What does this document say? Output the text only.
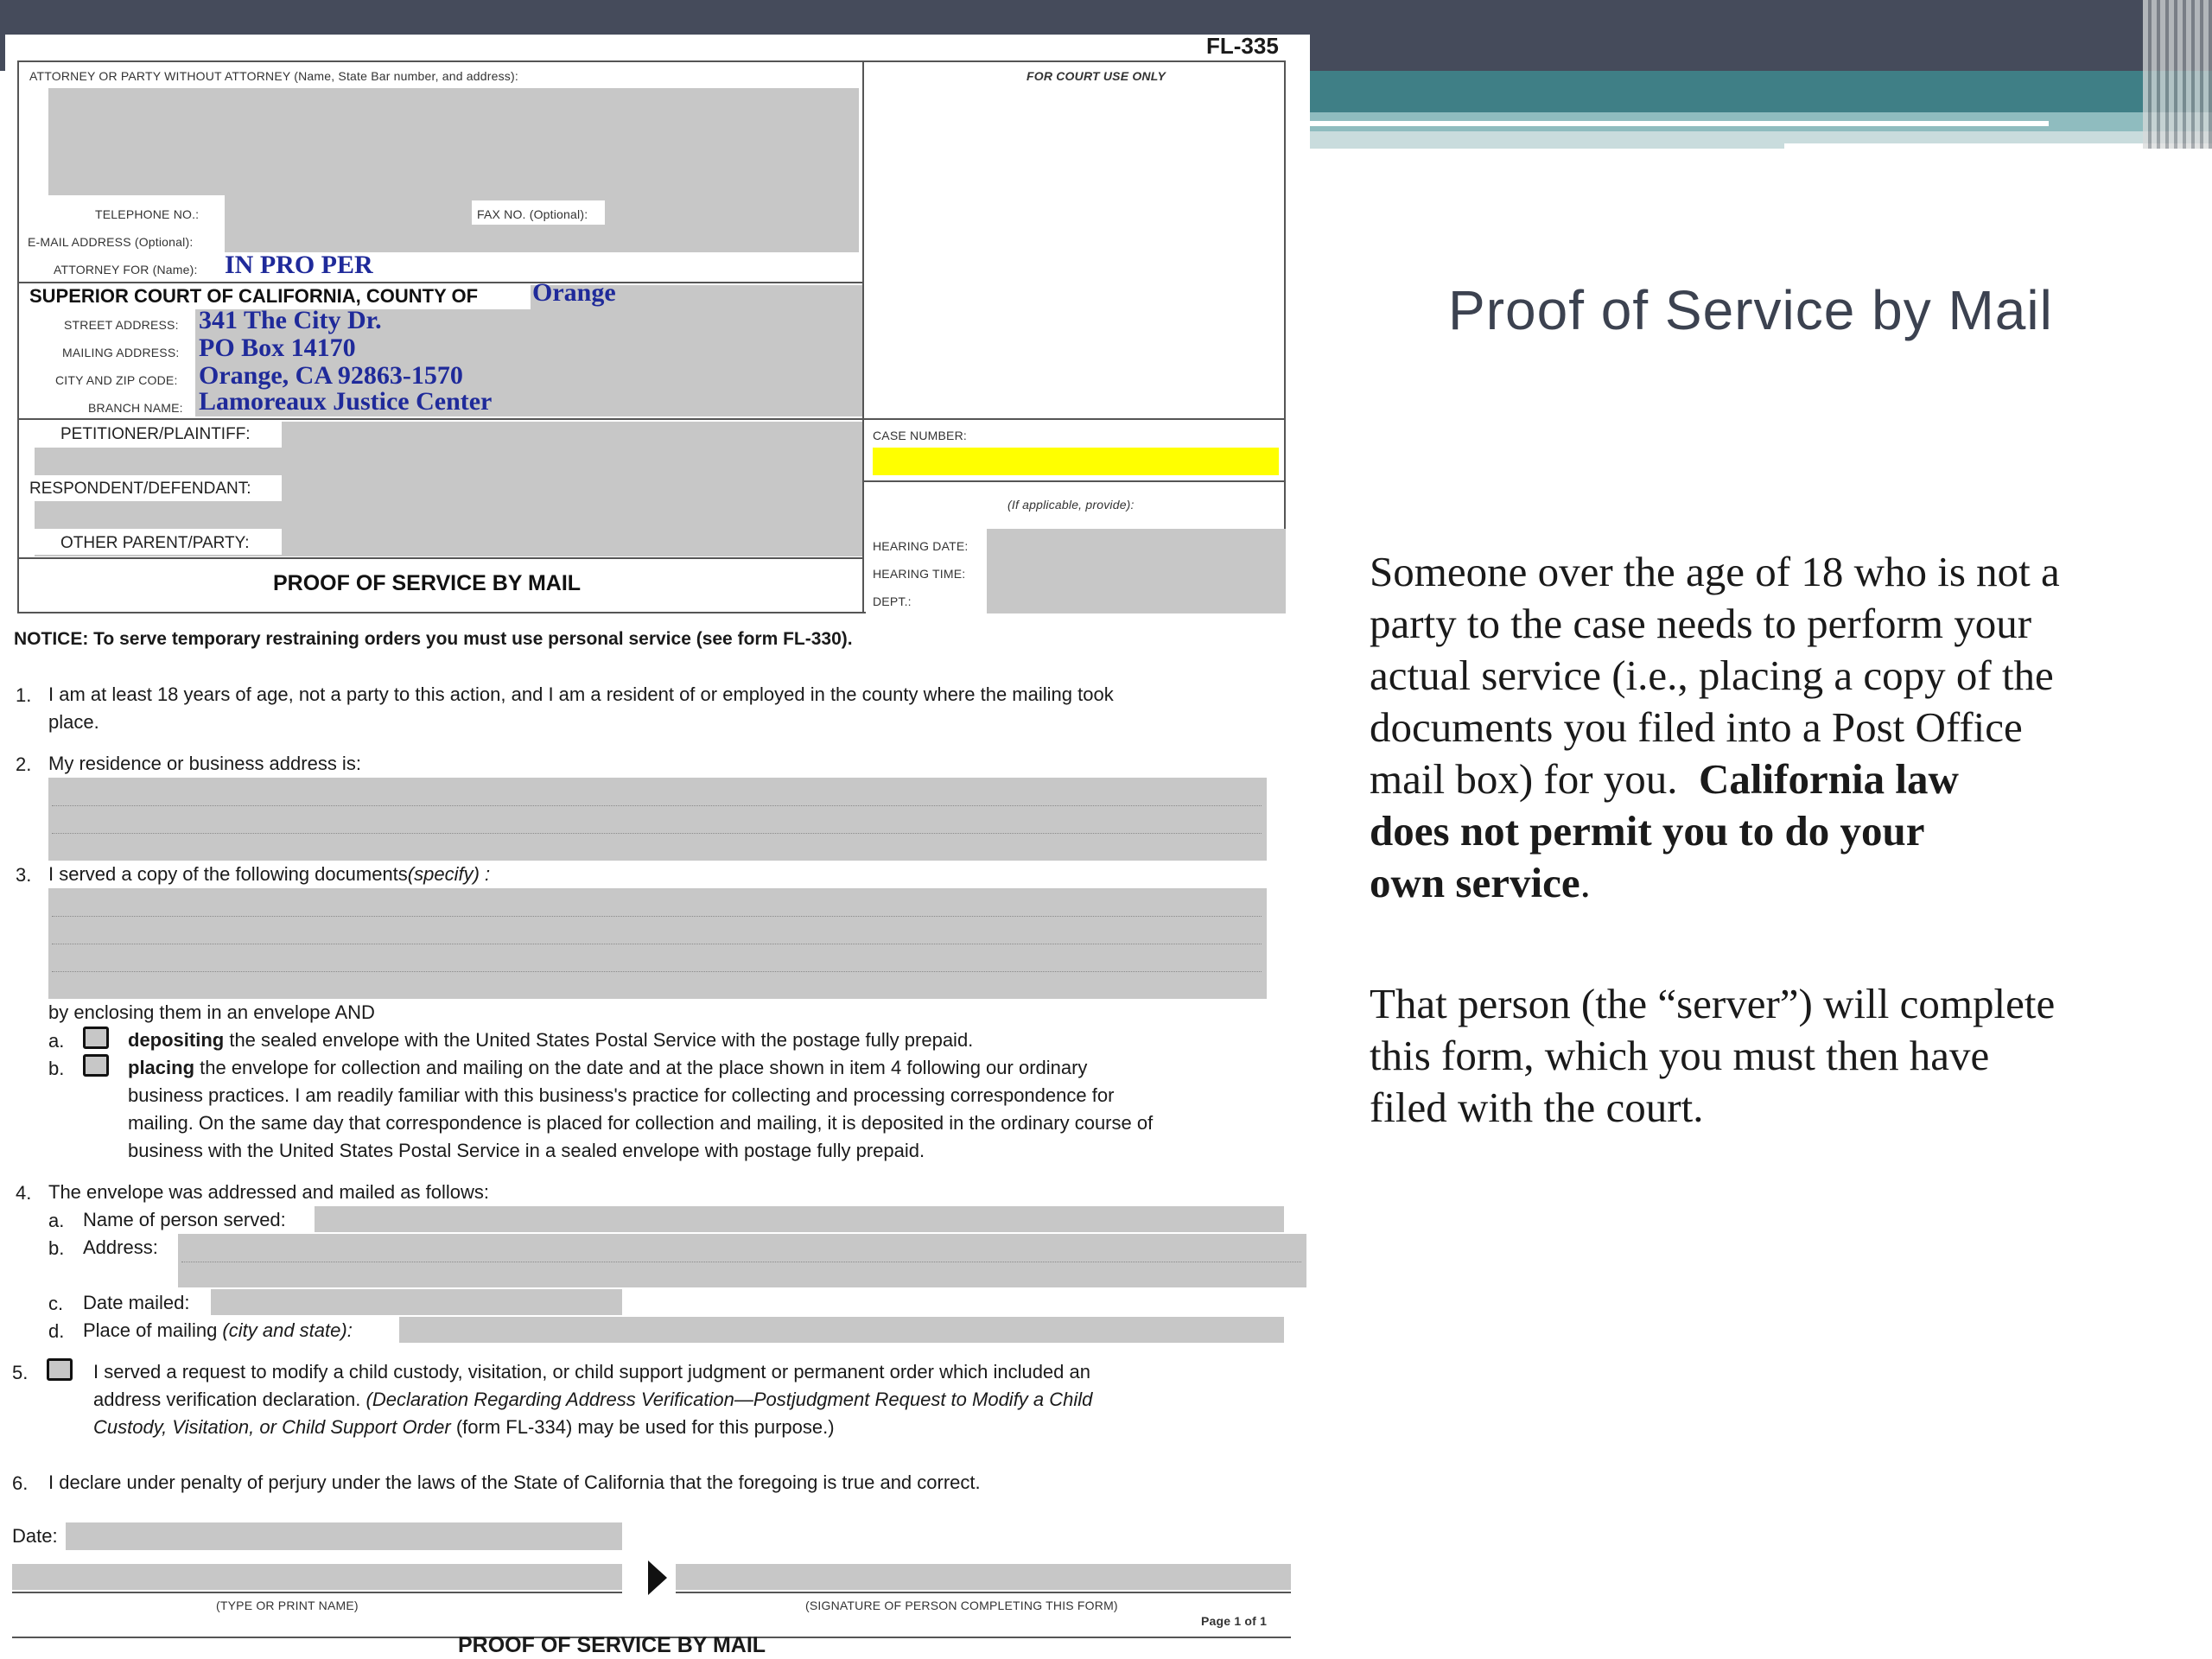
FL-335
ATTORNEY OR PARTY WITHOUT ATTORNEY (Name, State Bar number, and address):
TELEPHONE NO.:	FAX NO. (Optional):
E-MAIL ADDRESS (Optional):
ATTORNEY FOR (Name): IN PRO PER
SUPERIOR COURT OF CALIFORNIA, COUNTY OF Orange
STREET ADDRESS: 341 The City Dr.
MAILING ADDRESS: PO Box 14170
CITY AND ZIP CODE: Orange, CA 92863-1570
BRANCH NAME: Lamoreaux Justice Center
PETITIONER/PLAINTIFF:
RESPONDENT/DEFENDANT:
OTHER PARENT/PARTY:
PROOF OF SERVICE BY MAIL
FOR COURT USE ONLY
CASE NUMBER:
(If applicable, provide):
HEARING DATE:
HEARING TIME:
DEPT.:
NOTICE: To serve temporary restraining orders you must use personal service (see form FL-330).
1. I am at least 18 years of age, not a party to this action, and I am a resident of or employed in the county where the mailing took
place.
2. My residence or business address is:
3. I served a copy of the following documents(specify) :
by enclosing them in an envelope AND
a.	depositing the sealed envelope with the United States Postal Service with the postage fully prepaid.
b.	placing the envelope for collection and mailing on the date and at the place shown in item 4 following our ordinary
business practices. I am readily familiar with this business's practice for collecting and processing correspondence for
mailing. On the same day that correspondence is placed for collection and mailing, it is deposited in the ordinary course of
business with the United States Postal Service in a sealed envelope with postage fully prepaid.
4. The envelope was addressed and mailed as follows:
a. Name of person served:
b. Address:
c. Date mailed:
d. Place of mailing (city and state):
5.	I served a request to modify a child custody, visitation, or child support judgment or permanent order which included an
address verification declaration. (Declaration Regarding Address Verification—Postjudgment Request to Modify a Child
Custody, Visitation, or Child Support Order (form FL-334) may be used for this purpose.)
6. I declare under penalty of perjury under the laws of the State of California that the foregoing is true and correct.
Date:
(TYPE OR PRINT NAME)	(SIGNATURE OF PERSON COMPLETING THIS FORM)
Page 1 of 1
PROOF OF SERVICE BY MAIL
Proof of Service by Mail
Someone over the age of 18 who is not a
party to the case needs to perform your
actual service (i.e., placing a copy of the
documents you filed into a Post Office
mail box) for you.  California law
does not permit you to do your
own service.
That person (the “server”) will complete
this form, which you must then have
filed with the court.
